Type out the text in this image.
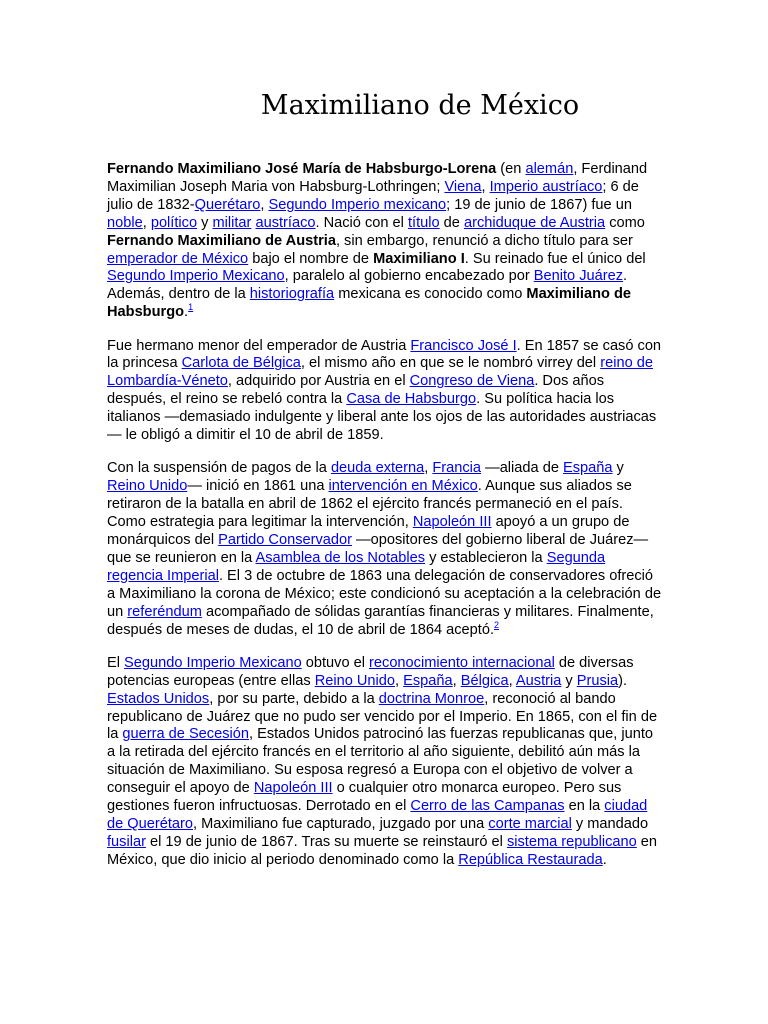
Maximiliano de México

Fernando Maximiliano José María de Habsburgo-Lorena (en alemán, Ferdinand Maximilian Joseph Maria von Habsburg-Lothringen; Viena, Imperio austríaco; 6 de julio de 1832-Querétaro, Segundo Imperio mexicano; 19 de junio de 1867) fue un noble, político y militar austríaco. Nació con el título de archiduque de Austria como Fernando Maximiliano de Austria, sin embargo, renunció a dicho título para ser emperador de México bajo el nombre de Maximiliano I. Su reinado fue el único del Segundo Imperio Mexicano, paralelo al gobierno encabezado por Benito Juárez. Además, dentro de la historiografía mexicana es conocido como Maximiliano de Habsburgo.$^1$

Fue hermano menor del emperador de Austria Francisco José I. En 1857 se casó con la princesa Carlota de Bélgica, el mismo año en que se le nombró virrey del reino de Lombardía-Véneto, adquirido por Austria en el Congreso de Viena. Dos años después, el reino se rebeló contra la Casa de Habsburgo. Su política hacia los italianos —demasiado indulgente y liberal ante los ojos de las autoridades austriacas— le obligó a dimitir el 10 de abril de 1859.

Con la suspensión de pagos de la deuda externa, Francia —aliada de España y Reino Unido— inició en 1861 una intervención en México. Aunque sus aliados se retiraron de la batalla en abril de 1862 el ejército francés permaneció en el país. Como estrategia para legitimar la intervención, Napoleón III apoyó a un grupo de monárquicos del Partido Conservador —opositores del gobierno liberal de Juárez— que se reunieron en la Asamblea de los Notables y establecieron la Segunda regencia Imperial. El 3 de octubre de 1863 una delegación de conservadores ofreció a Maximiliano la corona de México; este condicionó su aceptación a la celebración de un referéndum acompañado de sólidas garantías financieras y militares. Finalmente, después de meses de dudas, el 10 de abril de 1864 aceptó.$^2$

El Segundo Imperio Mexicano obtuvo el reconocimiento internacional de diversas potencias europeas (entre ellas Reino Unido, España, Bélgica, Austria y Prusia). Estados Unidos, por su parte, debido a la doctrina Monroe, reconoció al bando republicano de Juárez que no pudo ser vencido por el Imperio. En 1865, con el fin de la guerra de Secesión, Estados Unidos patrocinó las fuerzas republicanas que, junto a la retirada del ejército francés en el territorio al año siguiente, debilitó aún más la situación de Maximiliano. Su esposa regresó a Europa con el objetivo de volver a conseguir el apoyo de Napoleón III o cualquier otro monarca europeo. Pero sus gestiones fueron infructuosas. Derrotado en el Cerro de las Campanas en la ciudad de Querétaro, Maximiliano fue capturado, juzgado por una corte marcial y mandado fusilar el 19 de junio de 1867. Tras su muerte se reinstauró el sistema republicano en México, que dio inicio al periodo denominado como la República Restaurada.
